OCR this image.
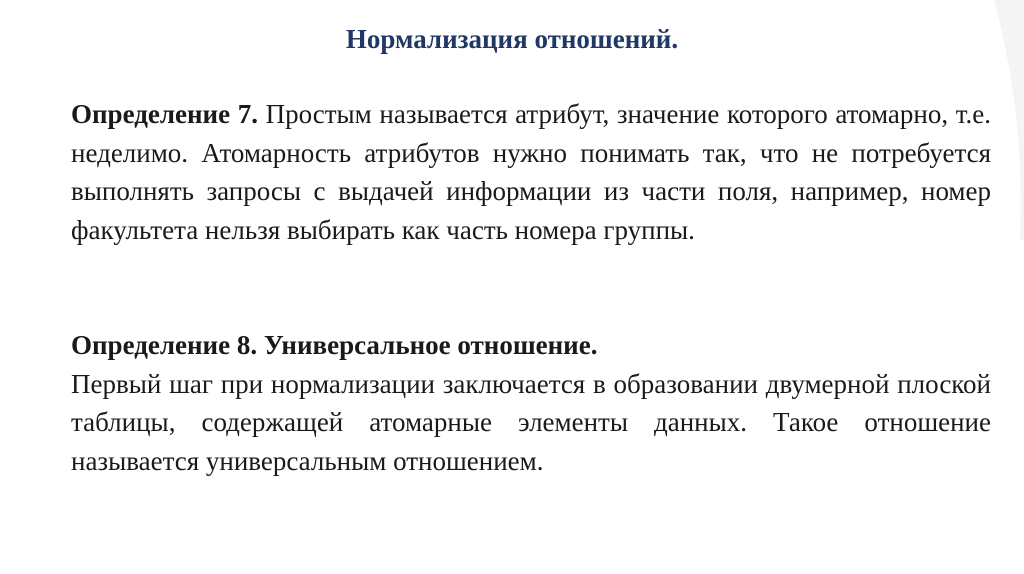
Нормализация отношений.
Определение 7. Простым называется атрибут, значение которого атомарно, т.е. неделимо. Атомарность атрибутов нужно понимать так, что не потребуется выполнять запросы с выдачей информации из части поля, например, номер факультета нельзя выбирать как часть номера группы.
Определение 8. Универсальное отношение.
Первый шаг при нормализации заключается в образовании двумерной плоской таблицы, содержащей атомарные элементы данных. Такое отношение называется универсальным отношением.
